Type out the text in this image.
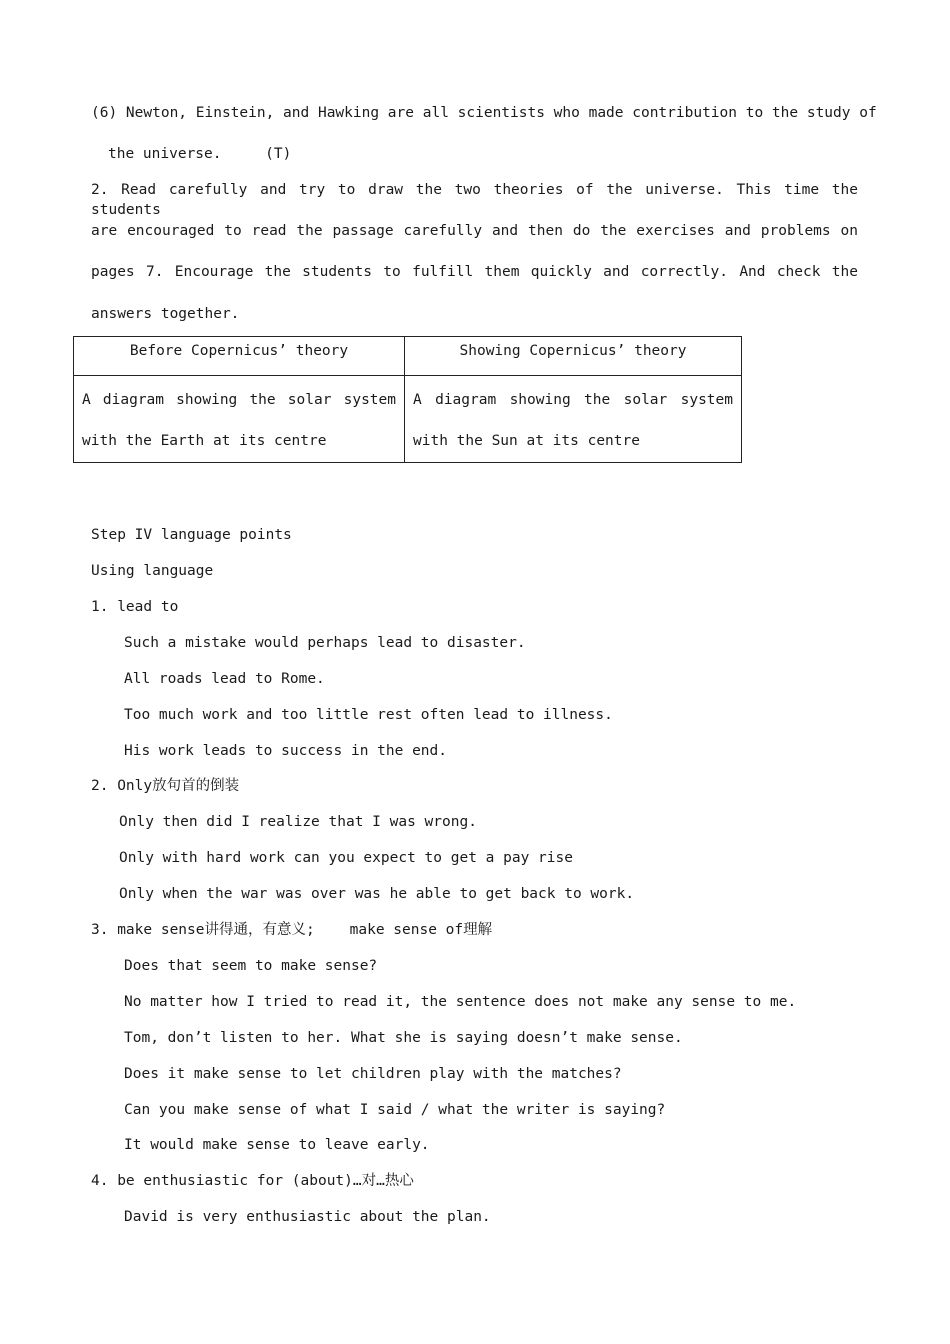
(6) Newton, Einstein, and Hawking are all scientists who made contribution to the study of
the universe.     (T)
2. Read carefully and try to draw the two theories of the universe. This time the students
are encouraged to read the passage carefully and then do the exercises and problems on
pages 7. Encourage the students to fulfill them quickly and correctly. And check the
answers together.
Before Copernicus’ theory	Showing Copernicus’ theory
A diagram showing the solar system with the Earth at its centre	A diagram showing the solar system with the Sun at its centre
Step IV language points
Using language
1. lead to
Such a mistake would perhaps lead to disaster.
All roads lead to Rome.
Too much work and too little rest often lead to illness.
His work leads to success in the end.
2. Only放句首的倒装
Only then did I realize that I was wrong.
Only with hard work can you expect to get a pay rise
Only when the war was over was he able to get back to work.
3. make sense讲得通，有意义;    make sense of理解
Does that seem to make sense?
No matter how I tried to read it, the sentence does not make any sense to me.
Tom, don’t listen to her. What she is saying doesn’t make sense.
Does it make sense to let children play with the matches?
Can you make sense of what I said / what the writer is saying?
It would make sense to leave early.
4. be enthusiastic for (about)…对…热心
David is very enthusiastic about the plan.
